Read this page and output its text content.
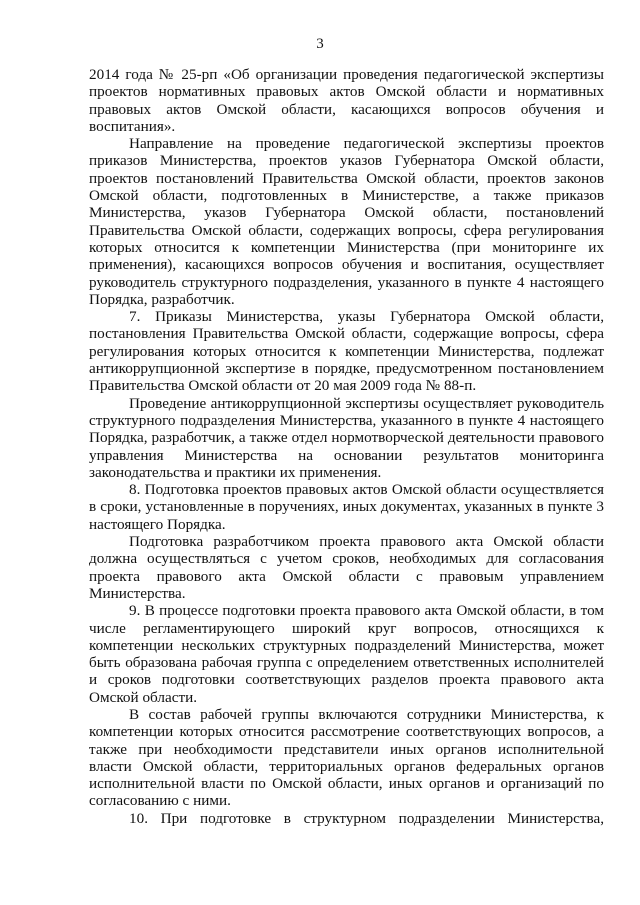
3

2014 года № 25-рп «Об организации проведения педагогической экспертизы проектов нормативных правовых актов Омской области и нормативных правовых актов Омской области, касающихся вопросов обучения и воспитания».

Направление на проведение педагогической экспертизы проектов приказов Министерства, проектов указов Губернатора Омской области, проектов постановлений Правительства Омской области, проектов законов Омской области, подготовленных в Министерстве, а также приказов Министерства, указов Губернатора Омской области, постановлений Правительства Омской области, содержащих вопросы, сфера регулирования которых относится к компетенции Министерства (при мониторинге их применения), касающихся вопросов обучения и воспитания, осуществляет руководитель структурного подразделения, указанного в пункте 4 настоящего Порядка, разработчик.

7. Приказы Министерства, указы Губернатора Омской области, постановления Правительства Омской области, содержащие вопросы, сфера регулирования которых относится к компетенции Министерства, подлежат антикоррупционной экспертизе в порядке, предусмотренном постановлением Правительства Омской области от 20 мая 2009 года № 88-п.

Проведение антикоррупционной экспертизы осуществляет руководитель структурного подразделения Министерства, указанного в пункте 4 настоящего Порядка, разработчик, а также отдел нормотворческой деятельности правового управления Министерства на основании результатов мониторинга законодательства и практики их применения.

8. Подготовка проектов правовых актов Омской области осуществляется в сроки, установленные в поручениях, иных документах, указанных в пункте 3 настоящего Порядка.

Подготовка разработчиком проекта правового акта Омской области должна осуществляться с учетом сроков, необходимых для согласования проекта правового акта Омской области с правовым управлением Министерства.

9. В процессе подготовки проекта правового акта Омской области, в том числе регламентирующего широкий круг вопросов, относящихся к компетенции нескольких структурных подразделений Министерства, может быть образована рабочая группа с определением ответственных исполнителей и сроков подготовки соответствующих разделов проекта правового акта Омской области.

В состав рабочей группы включаются сотрудники Министерства, к компетенции которых относится рассмотрение соответствующих вопросов, а также при необходимости представители иных органов исполнительной власти Омской области, территориальных органов федеральных органов исполнительной власти по Омской области, иных органов и организаций по согласованию с ними.

10. При подготовке в структурном подразделении Министерства,
